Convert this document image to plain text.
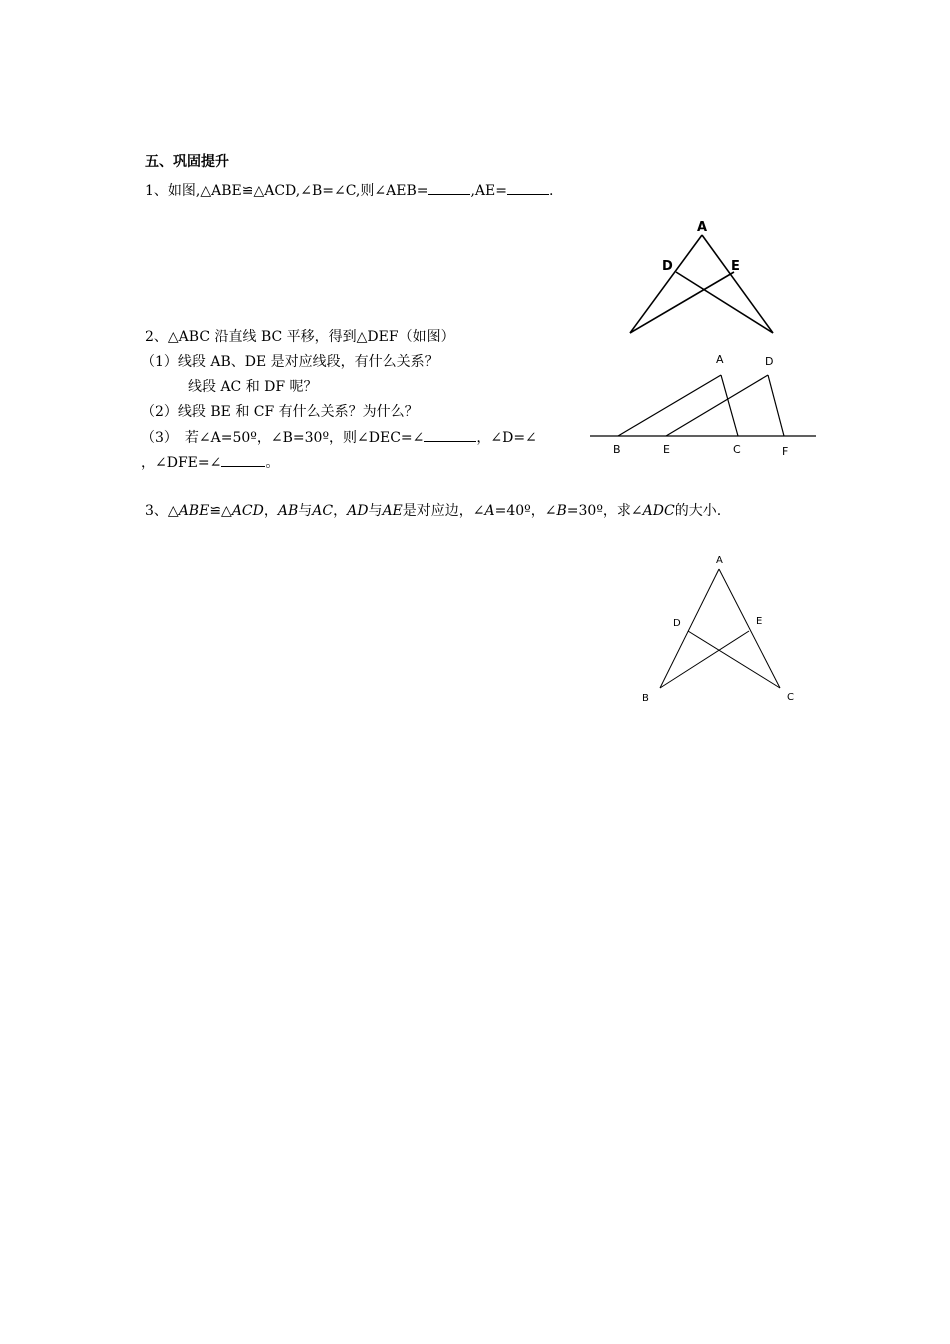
五、巩固提升
1、如图,△ABE≌△ACD,∠B=∠C,则∠AEB=	,AE=	.
A
D	E
2、△ABC 沿直线 BC 平移，得到△DEF（如图）
（1）线段 AB、DE 是对应线段，有什么关系？
线段 AC 和 DF 呢？
（2）线段 BE 和 CF 有什么关系？为什么？
（3）　若∠A=50º，∠B=30º，则∠DEC=∠	，∠D=∠
，∠DFE=∠	。
A	D
B	E	C	F
3、△ABE≌△ACD，AB与AC，AD与AE是对应边，∠A=40º，∠B=30º，求∠ADC的大小.
A
D	E
B	C
